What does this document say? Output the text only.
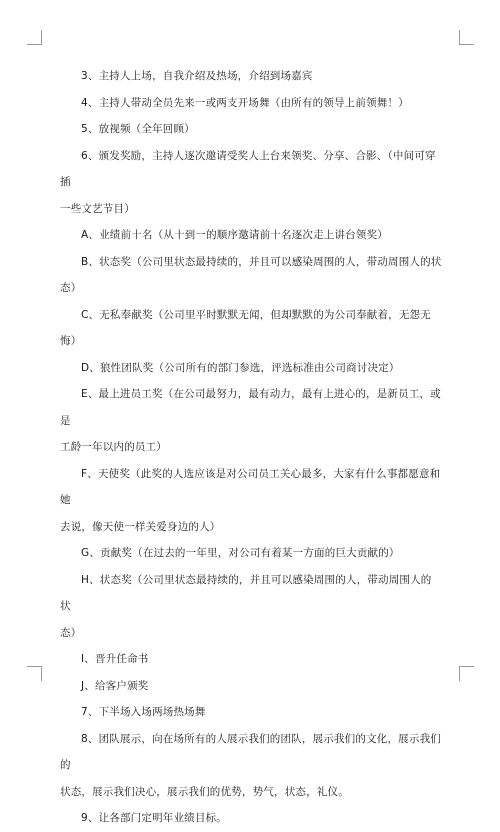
3、主持人上场，自我介绍及热场，介绍到场嘉宾
4、主持人带动全员先来一或两支开场舞（由所有的领导上前领舞！）
5、放视频（全年回顾）
6、颁发奖励，主持人逐次邀请受奖人上台来领奖、分享、合影、（中间可穿插
一些文艺节目）
A、业绩前十名（从十到一的顺序邀请前十名逐次走上讲台领奖）
B、状态奖（公司里状态最持续的，并且可以感染周围的人，带动周围人的状
态）
C、无私奉献奖（公司里平时默默无闻，但却默默的为公司奉献着，无怨无悔）
D、狼性团队奖（公司所有的部门参选，评选标准由公司商讨决定）
E、最上进员工奖（在公司最努力，最有动力，最有上进心的，是新员工，或是
工龄一年以内的员工）
F、天使奖（此奖的人选应该是对公司员工关心最多，大家有什么事都愿意和她
去说，像天使一样关爱身边的人）
G、贡献奖（在过去的一年里，对公司有着某一方面的巨大贡献的）
H、状态奖（公司里状态最持续的，并且可以感染周围的人，带动周围人的状
态）
I、晋升任命书
J、给客户颁奖
7、下半场入场两场热场舞
8、团队展示，向在场所有的人展示我们的团队，展示我们的文化，展示我们的
状态，展示我们决心，展示我们的优势，势气，状态，礼仪。
9、让各部门定明年业绩目标。
